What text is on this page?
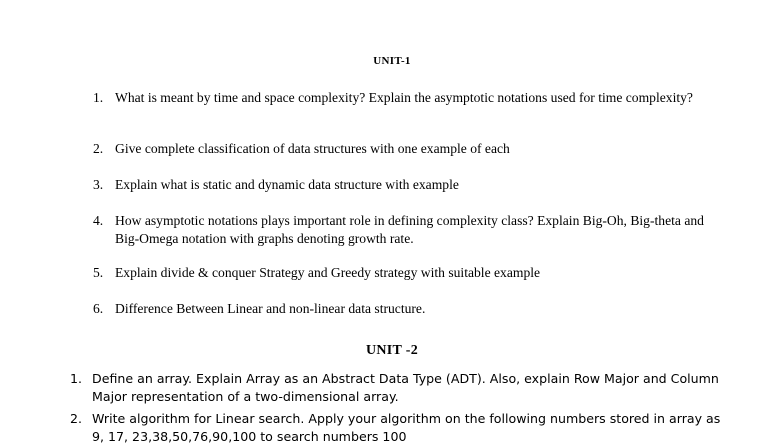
UNIT-1
1. What is meant by time and space complexity? Explain the asymptotic notations used for time complexity?
2. Give complete classification of data structures with one example of each
3. Explain what is static and dynamic data structure with example
4. How asymptotic notations plays important role in defining complexity class? Explain Big-Oh, Big-theta and Big-Omega notation with graphs denoting growth rate.
5. Explain divide & conquer Strategy and Greedy strategy with suitable example
6. Difference Between Linear and non-linear data structure.
UNIT -2
1. Define an array. Explain Array as an Abstract Data Type (ADT). Also, explain Row Major and Column Major representation of a two-dimensional array.
2. Write algorithm for Linear search. Apply your algorithm on the following numbers stored in array as 9, 17, 23,38,50,76,90,100 to search numbers 100
